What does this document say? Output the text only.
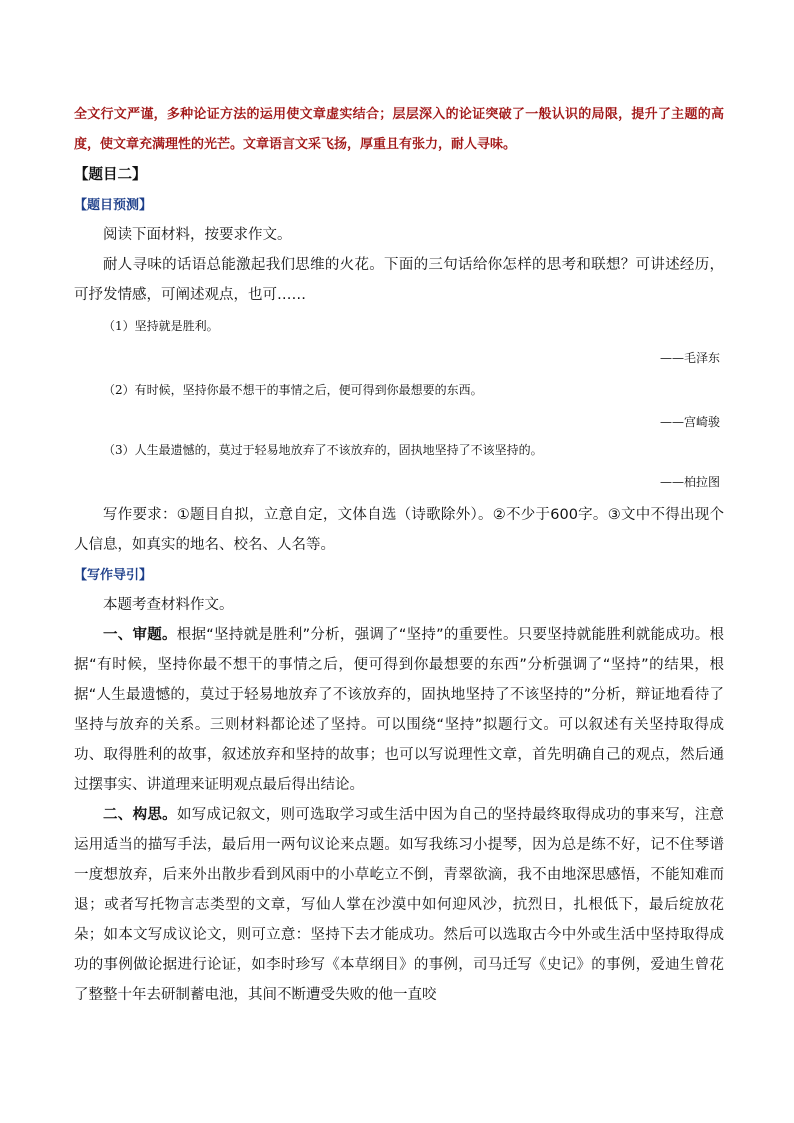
全文行文严谨，多种论证方法的运用使文章虚实结合；层层深入的论证突破了一般认识的局限，提升了主题的高度，使文章充满理性的光芒。文章语言文采飞扬，厚重且有张力，耐人寻味。

【题目二】

【题目预测】

阅读下面材料，按要求作文。

耐人寻味的话语总能激起我们思维的火花。下面的三句话给你怎样的思考和联想？可讲述经历，可抒发情感，可阐述观点，也可……

（1）坚持就是胜利。

——毛泽东

（2）有时候，坚持你最不想干的事情之后，便可得到你最想要的东西。

——宫崎骏

（3）人生最遗憾的，莫过于轻易地放弃了不该放弃的，固执地坚持了不该坚持的。

——柏拉图

写作要求：①题目自拟，立意自定，文体自选（诗歌除外）。②不少于600字。③文中不得出现个人信息，如真实的地名、校名、人名等。

【写作导引】

本题考查材料作文。

一、审题。根据“坚持就是胜利”分析，强调了“坚持”的重要性。只要坚持就能胜利就能成功。根据“有时候，坚持你最不想干的事情之后，便可得到你最想要的东西”分析强调了“坚持”的结果，根据“人生最遗憾的，莫过于轻易地放弃了不该放弃的，固执地坚持了不该坚持的”分析，辩证地看待了坚持与放弃的关系。三则材料都论述了坚持。可以围绕“坚持”拟题行文。可以叙述有关坚持取得成功、取得胜利的故事，叙述放弃和坚持的故事；也可以写说理性文章，首先明确自己的观点，然后通过摆事实、讲道理来证明观点最后得出结论。

二、构思。如写成记叙文，则可选取学习或生活中因为自己的坚持最终取得成功的事来写，注意运用适当的描写手法，最后用一两句议论来点题。如写我练习小提琴，因为总是练不好，记不住琴谱一度想放弃，后来外出散步看到风雨中的小草屹立不倒，青翠欲滴，我不由地深思感悟，不能知难而退；或者写托物言志类型的文章，写仙人掌在沙漠中如何迎风沙，抗烈日，扎根低下，最后绽放花朵；如本文写成议论文，则可立意：坚持下去才能成功。然后可以选取古今中外或生活中坚持取得成功的事例做论据进行论证，如李时珍写《本草纲目》的事例，司马迁写《史记》的事例，爱迪生曾花了整整十年去研制蓄电池，其间不断遭受失败的他一直咬
